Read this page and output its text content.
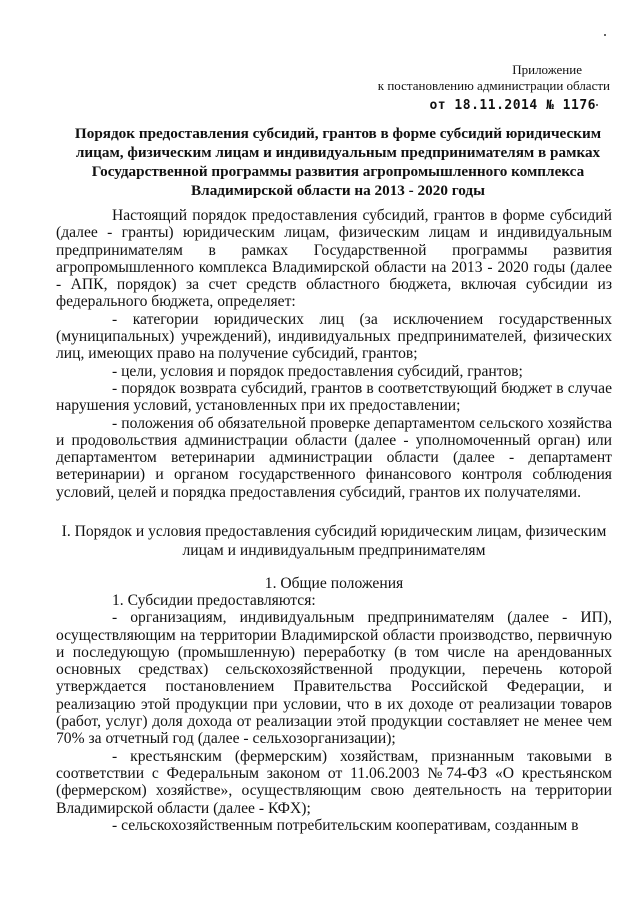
Приложение
к постановлению администрации области
от 18.11.2014 № 1176
Порядок предоставления субсидий, грантов в форме субсидий юридическим лицам, физическим лицам и индивидуальным предпринимателям в рамках Государственной программы развития агропромышленного комплекса Владимирской области на 2013 - 2020 годы

Настоящий порядок предоставления субсидий, грантов в форме субсидий (далее - гранты) юридическим лицам, физическим лицам и индивидуальным предпринимателям в рамках Государственной программы развития агропромышленного комплекса Владимирской области на 2013 - 2020 годы (далее - АПК, порядок) за счет средств областного бюджета, включая субсидии из федерального бюджета, определяет:

- категории юридических лиц (за исключением государственных (муниципальных) учреждений), индивидуальных предпринимателей, физических лиц, имеющих право на получение субсидий, грантов;

- цели, условия и порядок предоставления субсидий, грантов;

- порядок возврата субсидий, грантов в соответствующий бюджет в случае нарушения условий, установленных при их предоставлении;

- положения об обязательной проверке департаментом сельского хозяйства и продовольствия администрации области (далее - уполномоченный орган) или департаментом ветеринарии администрации области (далее - департамент ветеринарии) и органом государственного финансового контроля соблюдения условий, целей и порядка предоставления субсидий, грантов их получателями.

I. Порядок и условия предоставления субсидий юридическим лицам, физическим лицам и индивидуальным предпринимателям
1. Общие положения

1. Субсидии предоставляются:

- организациям, индивидуальным предпринимателям (далее - ИП), осуществляющим на территории Владимирской области производство, первичную и последующую (промышленную) переработку (в том числе на арендованных основных средствах) сельскохозяйственной продукции, перечень которой утверждается постановлением Правительства Российской Федерации, и реализацию этой продукции при условии, что в их доходе от реализации товаров (работ, услуг) доля дохода от реализации этой продукции составляет не менее чем 70% за отчетный год (далее - сельхозорганизации);

- крестьянским (фермерским) хозяйствам, признанным таковыми в соответствии с Федеральным законом от 11.06.2003 №74-ФЗ «О крестьянском (фермерском) хозяйстве», осуществляющим свою деятельность на территории Владимирской области (далее - КФХ);

- сельскохозяйственным потребительским кооперативам, созданным в
